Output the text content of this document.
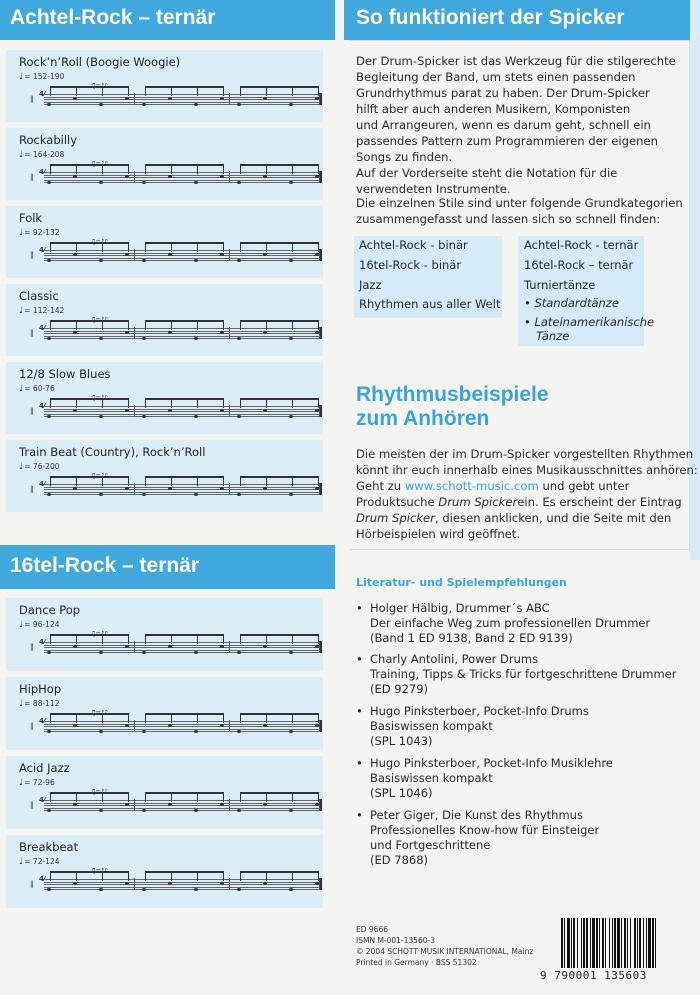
Achtel-Rock – ternär
Rock’n’Roll (Boogie Woogie)
♩= 152-190
‖
4⁄
Rockabilly
♩= 164-208
‖
4⁄
Folk
♩= 92-132
‖
4⁄
Classic
♩= 112-142
‖
4⁄
12/8 Slow Blues
♩= 60-76
‖
4⁄
Train Beat (Country), Rock’n’Roll
♩= 76-200
‖
4⁄
16tel-Rock – ternär
Dance Pop
♩= 96-124
‖
4⁄
HipHop
♩= 88-112
‖
4⁄
Acid Jazz
♩= 72-96
‖
4⁄
Breakbeat
♩= 72-124
‖
4⁄
So funktioniert der Spicker
Der Drum-Spicker ist das Werkzeug für die stilgerechte
Begleitung der Band, um stets einen passenden
Grundrhythmus parat zu haben. Der Drum-Spicker
hilft aber auch anderen Musikern, Komponisten
und Arrangeuren, wenn es darum geht, schnell ein
passendes Pattern zum Programmieren der eigenen
Songs zu finden.
Auf der Vorderseite steht die Notation für die
verwendeten Instrumente.
Die einzelnen Stile sind unter folgende Grundkategorien
zusammengefasst und lassen sich so schnell finden:
Achtel-Rock - binär
16tel-Rock - binär
Jazz
Rhythmen aus aller Welt
Achtel-Rock - ternär
16tel-Rock – ternär
Turniertänze
• Standardtänze
• Lateinamerikanische
Tänze
Rhythmusbeispiele
zum Anhören
Die meisten der im Drum-Spicker vorgestellten Rhythmen
könnt ihr euch innerhalb eines Musikausschnittes anhören:
Geht zu www.schott-music.com und gebt unter
Produktsuche Drum Spickerein. Es erscheint der Eintrag
Drum Spicker, diesen anklicken, und die Seite mit den
Hörbeispielen wird geöffnet.
Literatur- und Spielempfehlungen
• Holger Hälbig, Drummer´s ABC
Der einfache Weg zum professionellen Drummer
(Band 1 ED 9138, Band 2 ED 9139)
• Charly Antolini, Power Drums
Training, Tipps & Tricks für fortgeschrittene Drummer
(ED 9279)
• Hugo Pinksterboer, Pocket-Info Drums
Basiswissen kompakt
(SPL 1043)
• Hugo Pinksterboer, Pocket-Info Musiklehre
Basiswissen kompakt
(SPL 1046)
• Peter Giger, Die Kunst des Rhythmus
Professionelles Know-how für Einsteiger
und Fortgeschrittene
(ED 7868)
ED 9666
ISMN M-001-13560-3
© 2004 SCHOTT MUSIK INTERNATIONAL, Mainz
Printed in Germany · BSS 51302
9 790001 135603
